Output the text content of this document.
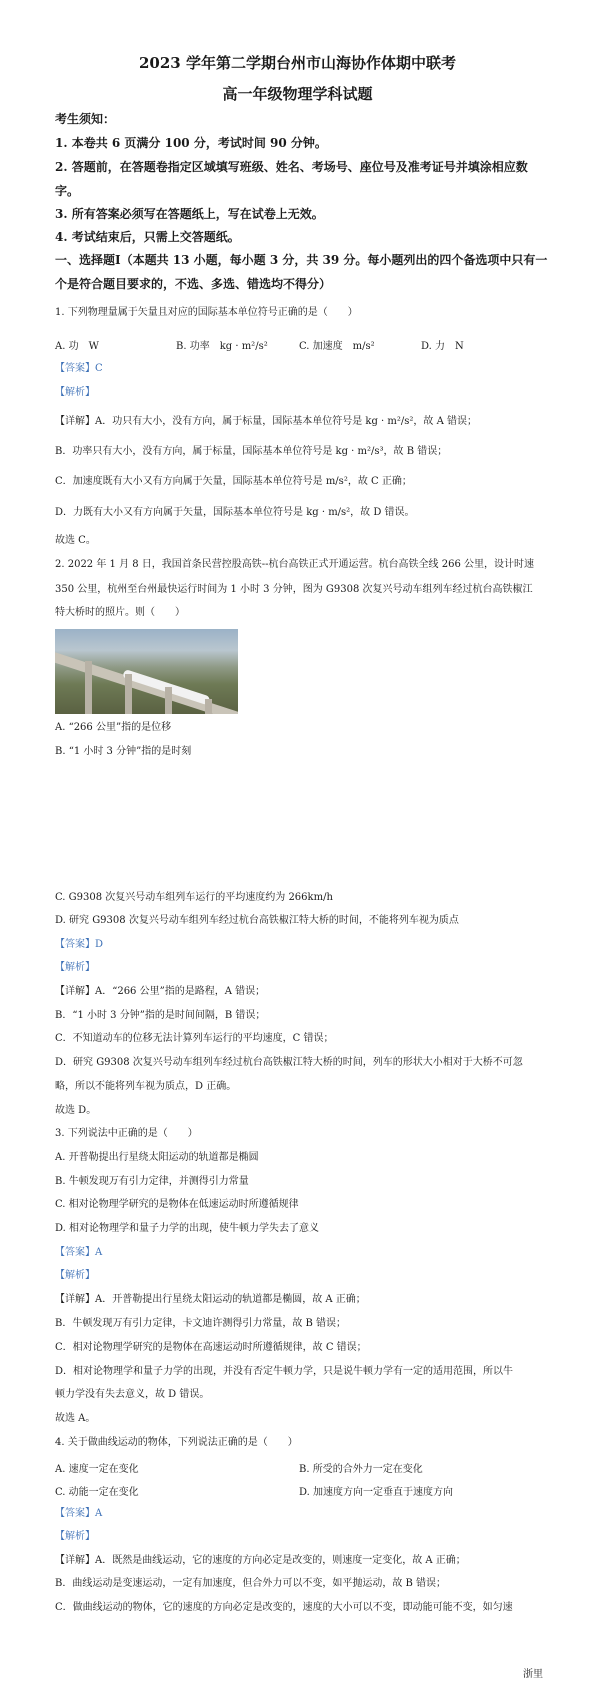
2023 学年第二学期台州市山海协作体期中联考
高一年级物理学科试题
考生须知：
1. 本卷共 6 页满分 100 分，考试时间 90 分钟。
2. 答题前，在答题卷指定区域填写班级、姓名、考场号、座位号及准考证号并填涂相应数
字。
3. 所有答案必须写在答题纸上，写在试卷上无效。
4. 考试结束后，只需上交答题纸。
一、选择题Ⅰ（本题共 13 小题，每小题 3 分，共 39 分。每小题列出的四个备选项中只有一
个是符合题目要求的，不选、多选、错选均不得分）
1. 下列物理量属于矢量且对应的国际基本单位符号正确的是（　　）
A. 功　W	B. 功率　kg · m²/s²	C. 加速度　m/s²	D. 力　N
【答案】C
【解析】
【详解】A．功只有大小，没有方向，属于标量，国际基本单位符号是 kg · m²/s²，故 A 错误；
B．功率只有大小，没有方向，属于标量，国际基本单位符号是 kg · m²/s³，故 B 错误；
C．加速度既有大小又有方向属于矢量，国际基本单位符号是 m/s²，故 C 正确；
D．力既有大小又有方向属于矢量，国际基本单位符号是 kg · m/s²，故 D 错误。
故选 C。
2. 2022 年 1 月 8 日，我国首条民营控股高铁--杭台高铁正式开通运营。杭台高铁全线 266 公里，设计时速
350 公里，杭州至台州最快运行时间为 1 小时 3 分钟，图为 G9308 次复兴号动车组列车经过杭台高铁椒江
特大桥时的照片。则（　　）
A. “266 公里”指的是位移
B. “1 小时 3 分钟”指的是时刻
C. G9308 次复兴号动车组列车运行的平均速度约为 266km/h
D. 研究 G9308 次复兴号动车组列车经过杭台高铁椒江特大桥的时间，不能将列车视为质点
【答案】D
【解析】
【详解】A．“266 公里”指的是路程，A 错误；
B．“1 小时 3 分钟”指的是时间间隔，B 错误；
C．不知道动车的位移无法计算列车运行的平均速度，C 错误；
D．研究 G9308 次复兴号动车组列车经过杭台高铁椒江特大桥的时间，列车的形状大小相对于大桥不可忽
略，所以不能将列车视为质点，D 正确。
故选 D。
3. 下列说法中正确的是（　　）
A. 开普勒提出行星绕太阳运动的轨道都是椭圆
B. 牛顿发现万有引力定律，并测得引力常量
C. 相对论物理学研究的是物体在低速运动时所遵循规律
D. 相对论物理学和量子力学的出现，使牛顿力学失去了意义
【答案】A
【解析】
【详解】A．开普勒提出行星绕太阳运动的轨道都是椭圆，故 A 正确；
B．牛顿发现万有引力定律，卡文迪许测得引力常量，故 B 错误；
C．相对论物理学研究的是物体在高速运动时所遵循规律，故 C 错误；
D．相对论物理学和量子力学的出现，并没有否定牛顿力学，只是说牛顿力学有一定的适用范围，所以牛
顿力学没有失去意义，故 D 错误。
故选 A。
4. 关于做曲线运动的物体，下列说法正确的是（　　）
A. 速度一定在变化	B. 所受的合外力一定在变化
C. 动能一定在变化	D. 加速度方向一定垂直于速度方向
【答案】A
【解析】
【详解】A．既然是曲线运动，它的速度的方向必定是改变的，则速度一定变化，故 A 正确；
B．曲线运动是变速运动，一定有加速度，但合外力可以不变，如平抛运动，故 B 错误；
C．做曲线运动的物体，它的速度的方向必定是改变的，速度的大小可以不变，即动能可能不变，如匀速
浙里
